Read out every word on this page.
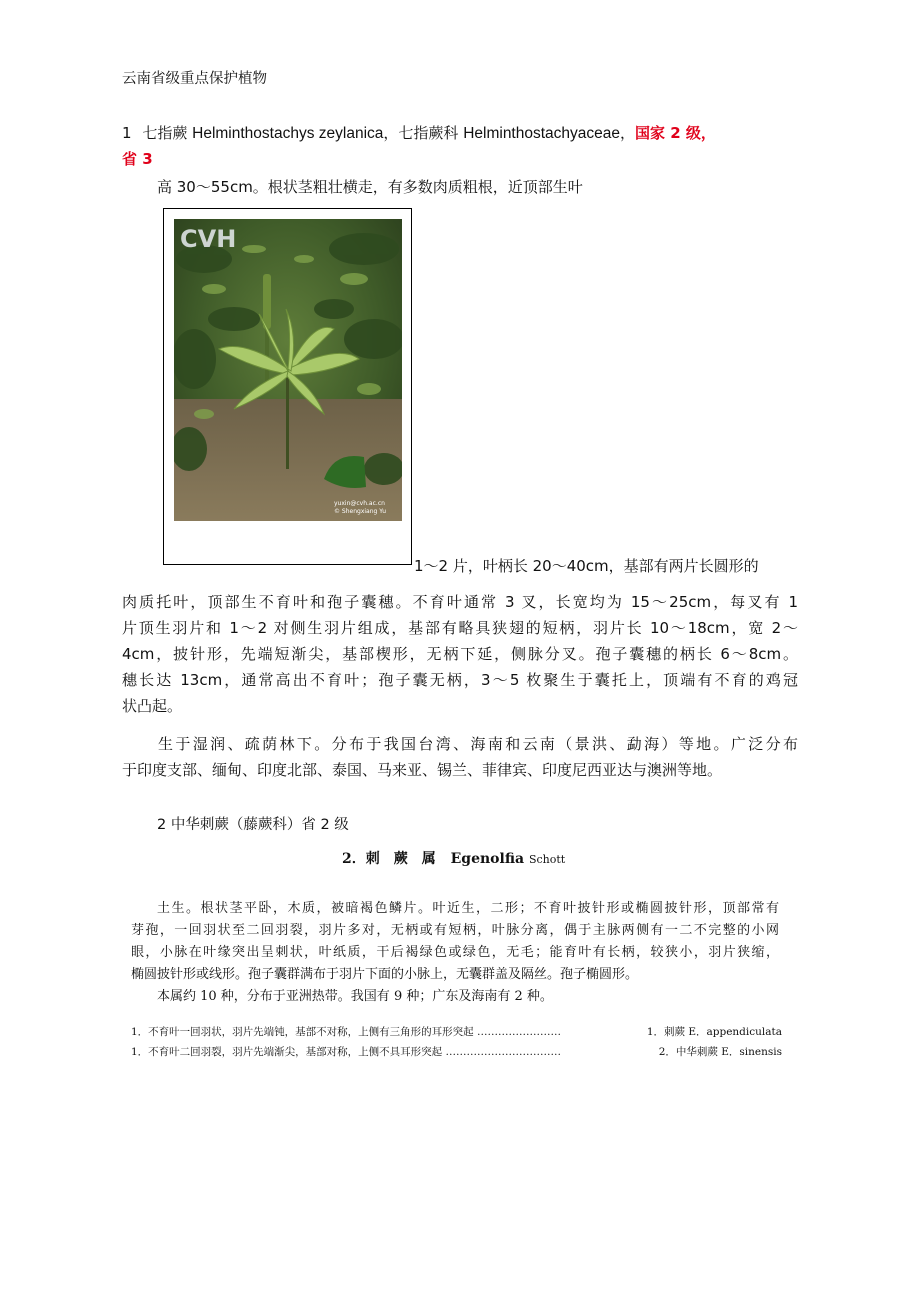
云南省级重点保护植物
1 七指蕨 Helminthostachys zeylanica，七指蕨科 Helminthostachyaceae，国家 2 级，
省 3
高 30～55cm。根状茎粗壮横走，有多数肉质粗根，近顶部生叶
CVH
yuxin@cvh.ac.cn
© Shengxiang Yu
1～2 片，叶柄长 20～40cm，基部有两片长圆形的
肉质托叶，顶部生不育叶和孢子囊穗。不育叶通常 3 叉，长宽均为 15～25cm，每叉有 1
片顶生羽片和 1～2 对侧生羽片组成，基部有略具狭翅的短柄，羽片长 10～18cm，宽 2～
4cm，披针形，先端短渐尖，基部楔形，无柄下延，侧脉分叉。孢子囊穗的柄长 6～8cm。
穗长达 13cm，通常高出不育叶；孢子囊无柄，3～5 枚聚生于囊托上，顶端有不育的鸡冠
状凸起。
生于湿润、疏荫林下。分布于我国台湾、海南和云南（景洪、勐海）等地。广泛分布
于印度支部、缅甸、印度北部、泰国、马来亚、锡兰、菲律宾、印度尼西亚达与澳洲等地。
2 中华刺蕨（藤蕨科）省 2 级
2．刺　蕨　属 Egenolfia Schott
土生。根状茎平卧，木质，被暗褐色鳞片。叶近生，二形；不育叶披针形或椭圆披针形，顶部常有
芽孢，一回羽状至二回羽裂，羽片多对，无柄或有短柄，叶脉分离，偶于主脉两侧有一二不完整的小网
眼，小脉在叶缘突出呈刺状，叶纸质，干后褐绿色或绿色，无毛；能育叶有长柄，较狭小，羽片狭缩，
椭圆披针形或线形。孢子囊群满布于羽片下面的小脉上，无囊群盖及隔丝。孢子椭圆形。
本属约 10 种，分布于亚洲热带。我国有 9 种；广东及海南有 2 种。
1．不育叶一回羽状，羽片先端钝，基部不对称，上侧有三角形的耳形突起 ……………………	1．刺蕨 E．appendiculata
1．不育叶二回羽裂，羽片先端渐尖，基部对称，上侧不具耳形突起 ……………………………	2．中华刺蕨 E．sinensis
